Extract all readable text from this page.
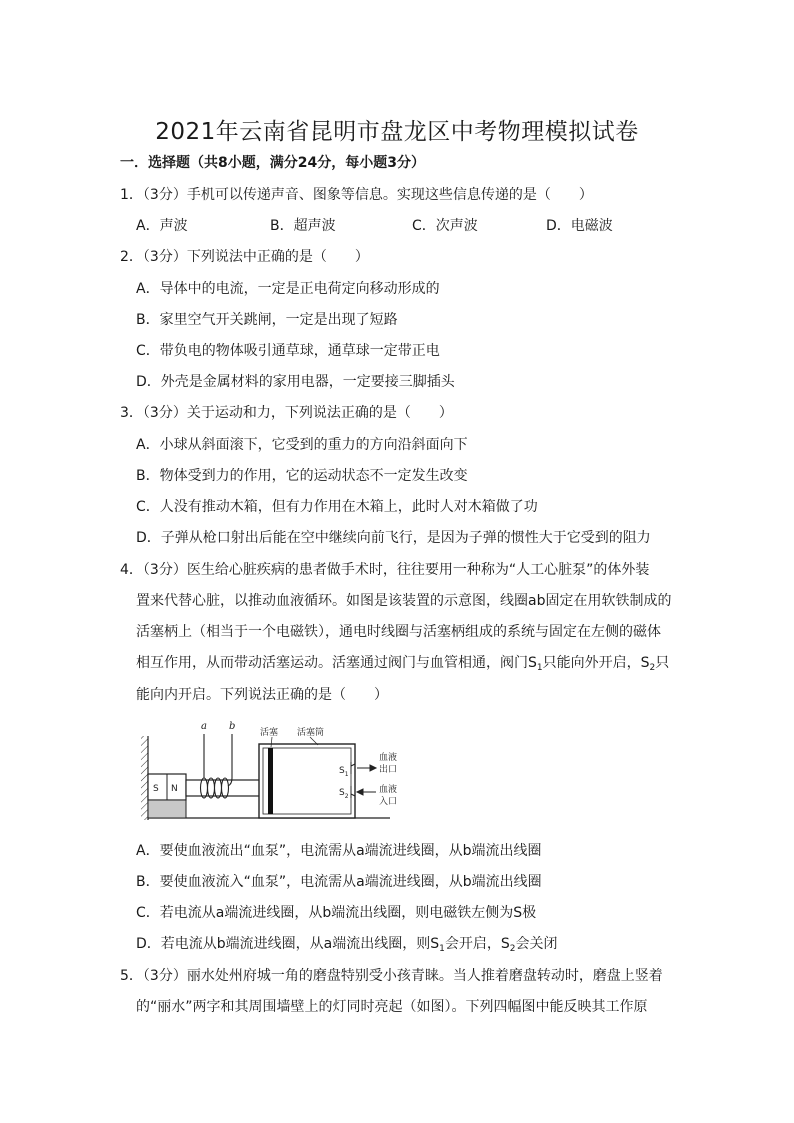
2021年云南省昆明市盘龙区中考物理模拟试卷
一．选择题（共8小题，满分24分，每小题3分）
1．（3分）手机可以传递声音、图象等信息。实现这些信息传递的是（　　）
A．声波	B．超声波	C．次声波	D．电磁波
2．（3分）下列说法中正确的是（　　）
A．导体中的电流，一定是正电荷定向移动形成的
B．家里空气开关跳闸，一定是出现了短路
C．带负电的物体吸引通草球，通草球一定带正电
D．外壳是金属材料的家用电器，一定要接三脚插头
3．（3分）关于运动和力，下列说法正确的是（　　）
A．小球从斜面滚下，它受到的重力的方向沿斜面向下
B．物体受到力的作用，它的运动状态不一定发生改变
C．人没有推动木箱，但有力作用在木箱上，此时人对木箱做了功
D．子弹从枪口射出后能在空中继续向前飞行，是因为子弹的惯性大于它受到的阻力
4．（3分）医生给心脏疾病的患者做手术时，往往要用一种称为“人工心脏泵”的体外装
置来代替心脏，以推动血液循环。如图是该装置的示意图，线圈ab固定在用软铁制成的
活塞柄上（相当于一个电磁铁），通电时线圈与活塞柄组成的系统与固定在左侧的磁体
相互作用，从而带动活塞运动。活塞通过阀门与血管相通，阀门$S_1$只能向外开启，$S_2$只
能向内开启。下列说法正确的是（　　）
S N
a b
活塞 活塞筒
$S_1$
$S_2$
血液
出口
血液
入口
A．要使血液流出“血泵”，电流需从a端流进线圈，从b端流出线圈
B．要使血液流入“血泵”，电流需从a端流进线圈，从b端流出线圈
C．若电流从a端流进线圈，从b端流出线圈，则电磁铁左侧为S极
D．若电流从b端流进线圈，从a端流出线圈，则$S_1$会开启，$S_2$会关闭
5．（3分）丽水处州府城一角的磨盘特别受小孩青睐。当人推着磨盘转动时，磨盘上竖着
的“丽水”两字和其周围墙壁上的灯同时亮起（如图）。下列四幅图中能反映其工作原
